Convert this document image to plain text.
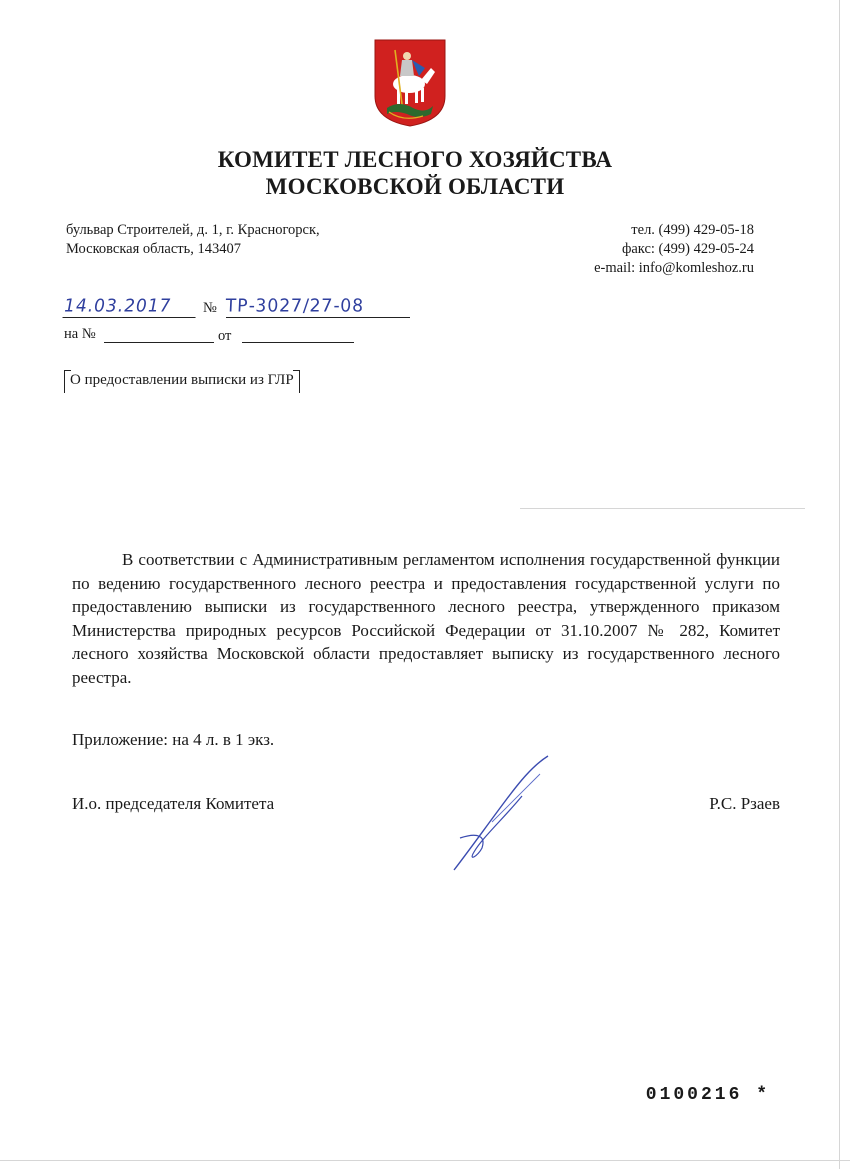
КОМИТЕТ ЛЕСНОГО ХОЗЯЙСТВА
МОСКОВСКОЙ ОБЛАСТИ
бульвар Строителей, д. 1, г. Красногорск,
Московская область, 143407
тел. (499) 429-05-18
факс: (499) 429-05-24
e-mail: info@komleshoz.ru
14.03.2017	№ ТР-3027/27-08
на №	от
О предоставлении выписки из ГЛР

В соответствии с Административным регламентом исполнения государственной функции по ведению государственного лесного реестра и предоставления государственной услуги по предоставлению выписки из государственного лесного реестра, утвержденного приказом Министерства природных ресурсов Российской Федерации от 31.10.2007 № 282, Комитет лесного хозяйства Московской области предоставляет выписку из государственного лесного реестра.

Приложение: на 4 л. в 1 экз.
И.о. председателя Комитета	Р.С. Рзаев
0100216 *
